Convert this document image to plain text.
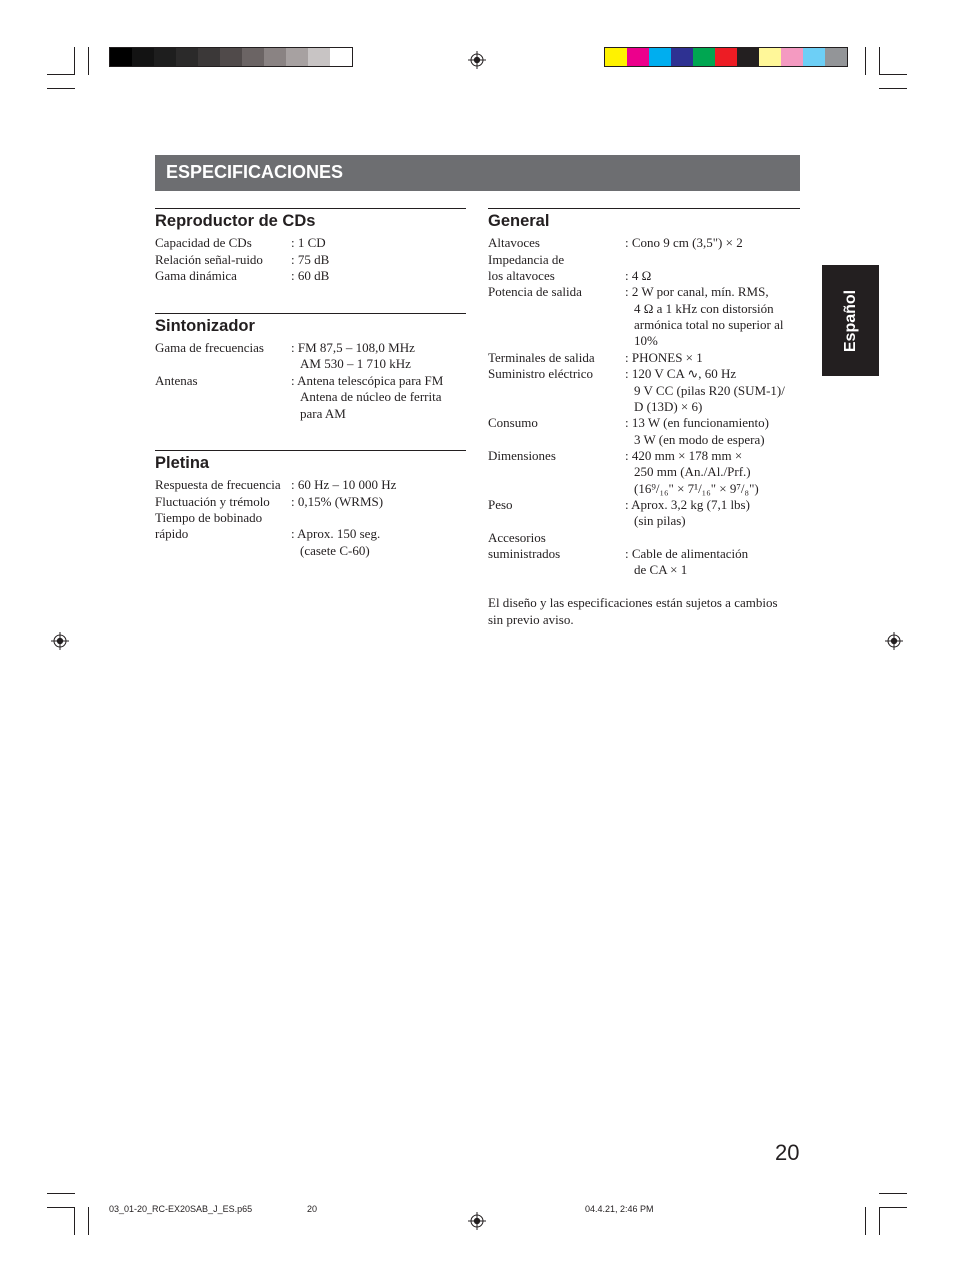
ESPECIFICACIONES
Español
Reproductor de CDs
Capacidad de CDs	: 1 CD
Relación señal-ruido : 75 dB
Gama dinámica	: 60 dB
Sintonizador
Gama de frecuencias : FM 87,5 – 108,0 MHz
AM 530 – 1 710 kHz
Antenas	: Antena telescópica para FM
Antena de núcleo de ferrita
para AM
Pletina
Respuesta de frecuencia : 60 Hz – 10 000 Hz
Fluctuación y trémolo : 0,15% (WRMS)
Tiempo de bobinado
rápido	: Aprox. 150 seg.
(casete C-60)
General
Altavoces	: Cono 9 cm (3,5") × 2
Impedancia de
los altavoces	: 4 Ω
Potencia de salida	: 2 W por canal, mín. RMS,
4 Ω a 1 kHz con distorsión
armónica total no superior al
10%
Terminales de salida : PHONES × 1
Suministro eléctrico : 120 V CA ∿, 60 Hz
9 V CC (pilas R20 (SUM-1)/
D (13D) × 6)
Consumo	: 13 W (en funcionamiento)
3 W (en modo de espera)
Dimensiones	: 420 mm × 178 mm ×
250 mm (An./Al./Prf.)
(16⁹/₁₆" × 7¹/₁₆" × 9⁷/₈")
Peso	: Aprox. 3,2 kg (7,1 lbs)
(sin pilas)
Accesorios
suministrados	: Cable de alimentación
de CA × 1
El diseño y las especificaciones están sujetos a cambios
sin previo aviso.
20
03_01-20_RC-EX20SAB_J_ES.p65	20	04.4.21, 2:46 PM
